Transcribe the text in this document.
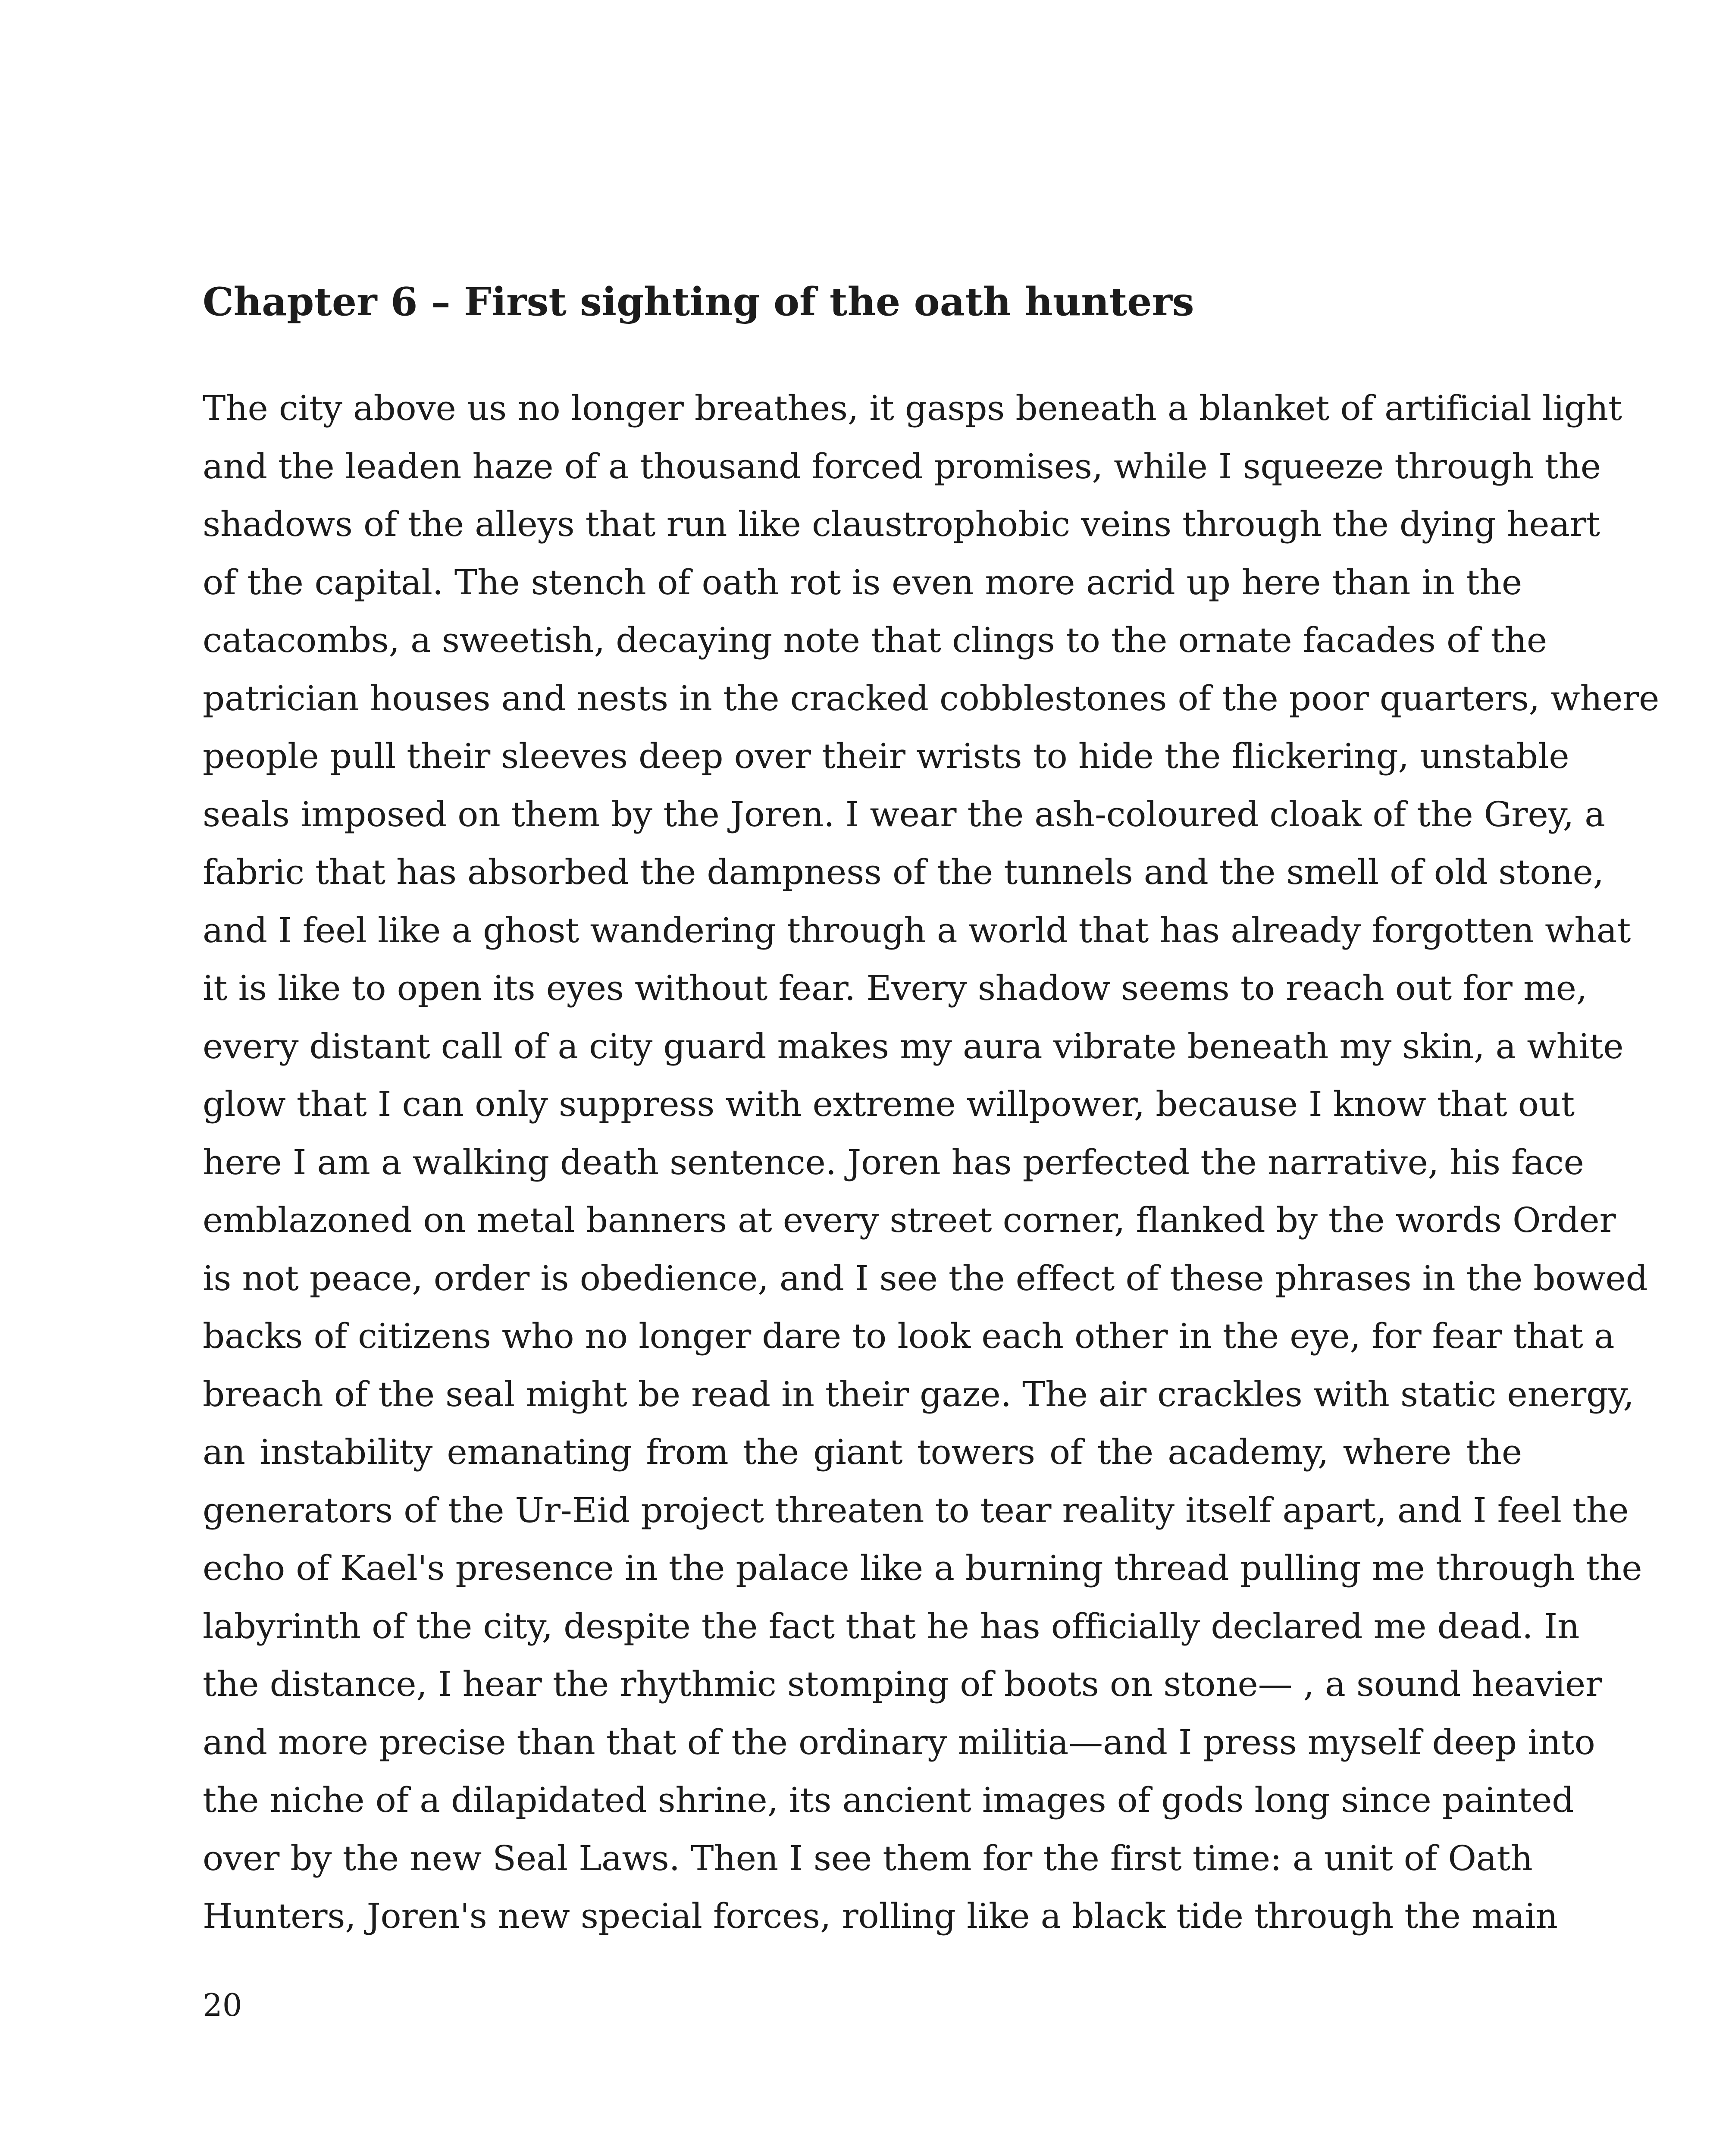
Chapter 6 – First sighting of the oath hunters
The city above us no longer breathes, it gasps beneath a blanket of artificial light
and the leaden haze of a thousand forced promises, while I squeeze through the
shadows of the alleys that run like claustrophobic veins through the dying heart
of the capital. The stench of oath rot is even more acrid up here than in the
catacombs, a sweetish, decaying note that clings to the ornate facades of the
patrician houses and nests in the cracked cobblestones of the poor quarters, where
people pull their sleeves deep over their wrists to hide the flickering, unstable
seals imposed on them by the Joren. I wear the ash-coloured cloak of the Grey, a
fabric that has absorbed the dampness of the tunnels and the smell of old stone,
and I feel like a ghost wandering through a world that has already forgotten what
it is like to open its eyes without fear. Every shadow seems to reach out for me,
every distant call of a city guard makes my aura vibrate beneath my skin, a white
glow that I can only suppress with extreme willpower, because I know that out
here I am a walking death sentence. Joren has perfected the narrative, his face
emblazoned on metal banners at every street corner, flanked by the words Order
is not peace, order is obedience, and I see the effect of these phrases in the bowed
backs of citizens who no longer dare to look each other in the eye, for fear that a
breach of the seal might be read in their gaze. The air crackles with static energy,
an instability emanating from the giant towers of the academy, where the
generators of the Ur-Eid project threaten to tear reality itself apart, and I feel the
echo of Kael's presence in the palace like a burning thread pulling me through the
labyrinth of the city, despite the fact that he has officially declared me dead. In
the distance, I hear the rhythmic stomping of boots on stone— , a sound heavier
and more precise than that of the ordinary militia—and I press myself deep into
the niche of a dilapidated shrine, its ancient images of gods long since painted
over by the new Seal Laws. Then I see them for the first time: a unit of Oath
Hunters, Joren's new special forces, rolling like a black tide through the main

20
